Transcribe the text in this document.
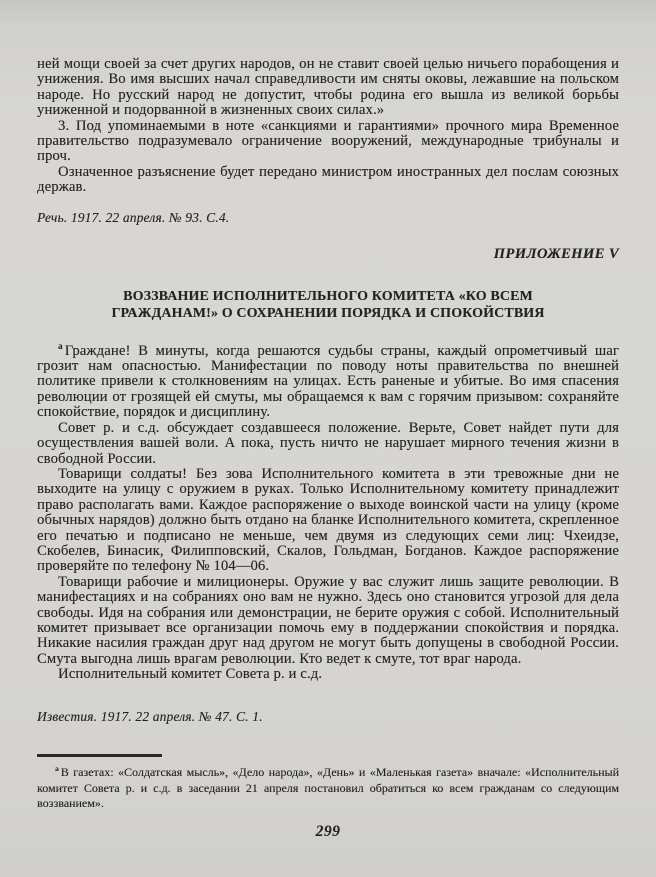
ней мощи своей за счет других народов, он не ставит своей целью ничьего порабощения и унижения. Во имя высших начал справедливости им сняты оковы, лежавшие на польском народе. Но русский народ не допустит, чтобы родина его вышла из великой борьбы униженной и подорванной в жизненных своих силах.»

3. Под упоминаемыми в ноте «санкциями и гарантиями» прочного мира Временное правительство подразумевало ограничение вооружений, международные трибуналы и проч.

Означенное разъяснение будет передано министром иностранных дел послам союзных держав.

Речь. 1917. 22 апреля. № 93. С.4.

ПРИЛОЖЕНИЕ V

ВОЗЗВАНИЕ ИСПОЛНИТЕЛЬНОГО КОМИТЕТА «КО ВСЕМ ГРАЖДАНАМ!» О СОХРАНЕНИИ ПОРЯДКА И СПОКОЙСТВИЯ

$^а$ Граждане! В минуты, когда решаются судьбы страны, каждый опрометчивый шаг грозит нам опасностью. Манифестации по поводу ноты правительства по внешней политике привели к столкновениям на улицах. Есть раненые и убитые. Во имя спасения революции от грозящей ей смуты, мы обращаемся к вам с горячим призывом: сохраняйте спокойствие, порядок и дисциплину.

Совет р. и с.д. обсуждает создавшееся положение. Верьте, Совет найдет пути для осуществления вашей воли. А пока, пусть ничто не нарушает мирного течения жизни в свободной России.

Товарищи солдаты! Без зова Исполнительного комитета в эти тревожные дни не выходите на улицу с оружием в руках. Только Исполнительному комитету принадлежит право располагать вами. Каждое распоряжение о выходе воинской части на улицу (кроме обычных нарядов) должно быть отдано на бланке Исполнительного комитета, скрепленное его печатью и подписано не меньше, чем двумя из следующих семи лиц: Чхеидзе, Скобелев, Бинасик, Филипповский, Скалов, Гольдман, Богданов. Каждое распоряжение проверяйте по телефону № 104—06.

Товарищи рабочие и милиционеры. Оружие у вас служит лишь защите революции. В манифестациях и на собраниях оно вам не нужно. Здесь оно становится угрозой для дела свободы. Идя на собрания или демонстрации, не берите оружия с собой. Исполнительный комитет призывает все организации помочь ему в поддержании спокойствия и порядка. Никакие насилия граждан друг над другом не могут быть допущены в свободной России. Смута выгодна лишь врагам революции. Кто ведет к смуте, тот враг народа.

Исполнительный комитет Совета р. и с.д.

Известия. 1917. 22 апреля. № 47. С. 1.

$^а$ В газетах: «Солдатская мысль», «Дело народа», «День» и «Маленькая газета» вначале: «Исполнительный комитет Совета р. и с.д. в заседании 21 апреля постановил обратиться ко всем гражданам со следующим воззванием».

299
